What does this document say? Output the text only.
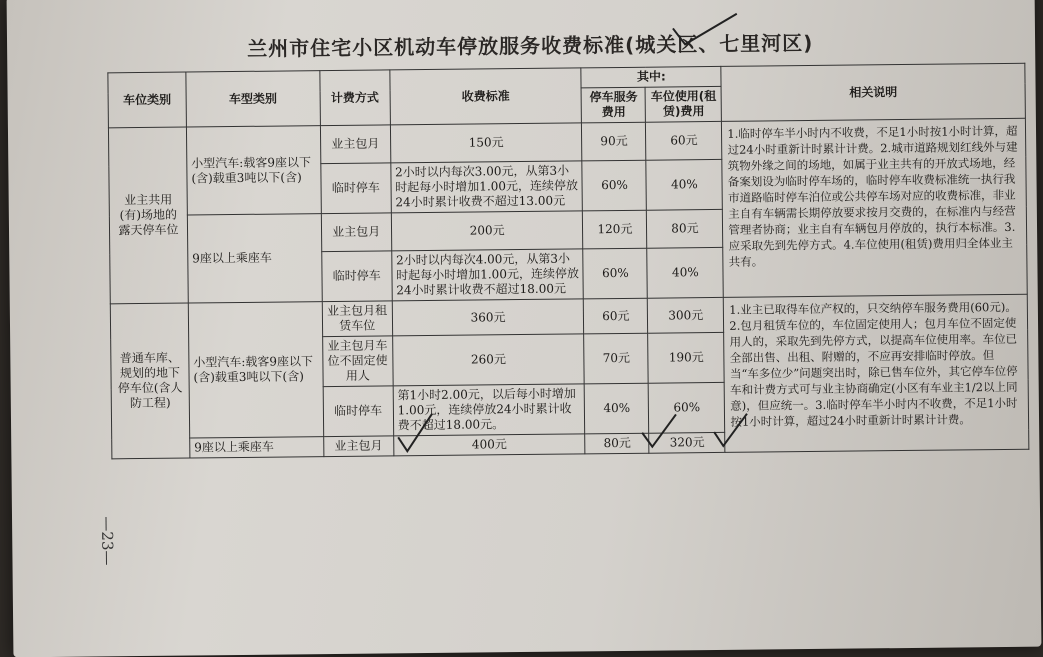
兰州市住宅小区机动车停放服务收费标准(城关区、七里河区)
车位类别	车型类别	计费方式	收费标准	其中:		相关说明
				停车服务费用	车位使用(租赁)费用	
业主共用(有)场地的露天停车位	小型汽车:载客9座以下(含)载重3吨以下(含)	业主包月	150元	90元	60元	1.临时停车半小时内不收费，不足1小时按1小时计算，超过24小时重新计时累计计费。2.城市道路规划红线外与建筑物外缘之间的场地，如属于业主共有的开放式场地，经备案划设为临时停车场的，临时停车收费标准统一执行我市道路临时停车泊位或公共停车场对应的收费标准，非业主自有车辆需长期停放要求按月交费的，在标准内与经营管理者协商；业主自有车辆包月停放的，执行本标准。3.应采取先到先停方式。4.车位使用(租赁)费用归全体业主共有。
		临时停车	2小时以内每次3.00元，从第3小时起每小时增加1.00元，连续停放24小时累计收费不超过13.00元	60%	40%	
	9座以上乘座车	业主包月	200元	120元	80元	
		临时停车	2小时以内每次4.00元，从第3小时起每小时增加1.00元，连续停放24小时累计收费不超过18.00元	60%	40%	
普通车库、规划的地下停车位(含人防工程)	小型汽车:载客9座以下(含)载重3吨以下(含)	业主包月租赁车位	360元	60元	300元	1.业主已取得车位产权的，只交纳停车服务费用(60元)。2.包月租赁车位的，车位固定使用人；包月车位不固定使用人的，采取先到先停方式，以提高车位使用率。车位已全部出售、出租、附赠的，不应再安排临时停放。但当“车多位少”问题突出时，除已售车位外，其它停车位停车和计费方式可与业主协商确定(小区有车业主1/2以上同意)，但应统一。3.临时停车半小时内不收费，不足1小时按1小时计算，超过24小时重新计时累计计费。
		业主包月车位不固定使用人	260元	70元	190元	
		临时停车	第1小时2.00元，以后每小时增加1.00元，连续停放24小时累计收费不超过18.00元。	40%	60%	
	9座以上乘座车	业主包月	400元	80元	320元	
—23—
